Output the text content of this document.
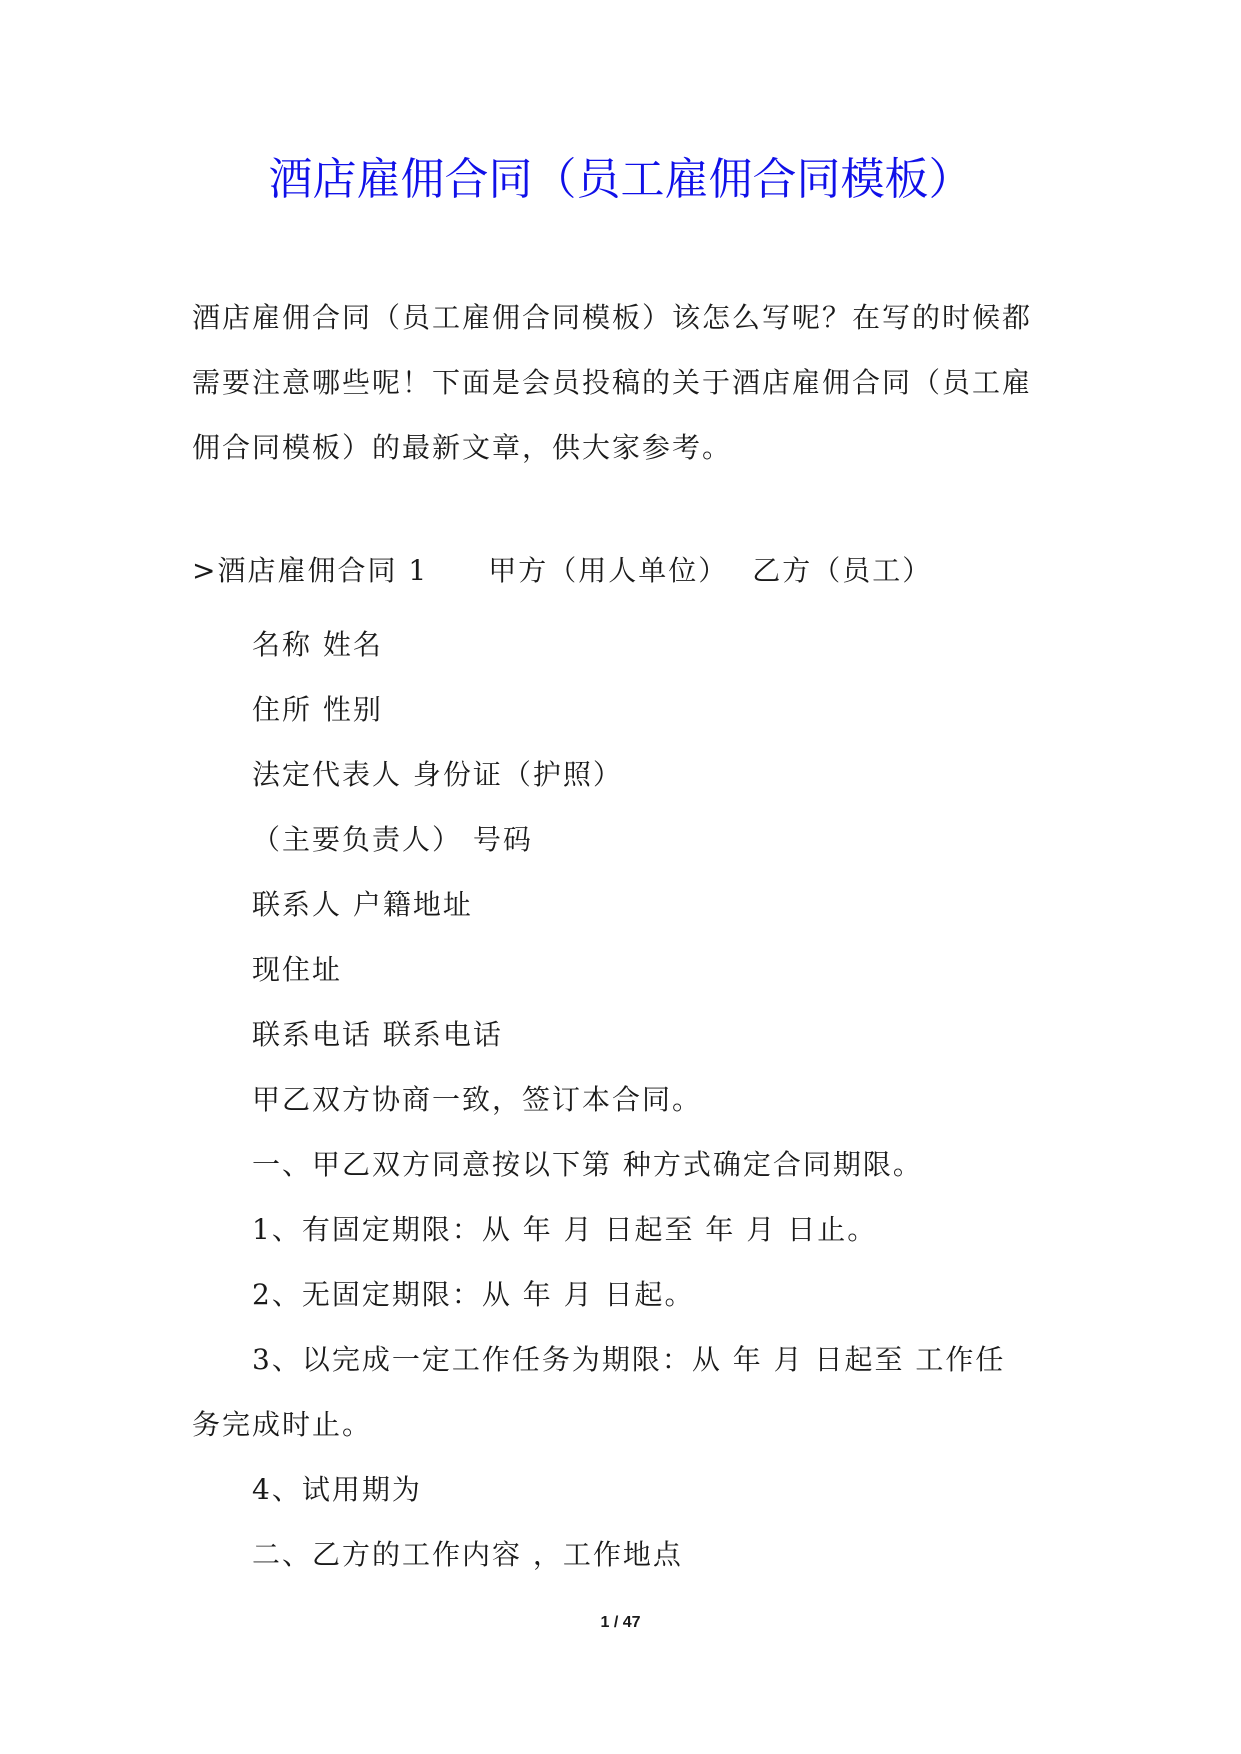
酒店雇佣合同（员工雇佣合同模板）
酒店雇佣合同（员工雇佣合同模板）该怎么写呢？在写的时候都
需要注意哪些呢！下面是会员投稿的关于酒店雇佣合同（员工雇
佣合同模板）的最新文章，供大家参考。
>酒店雇佣合同 1 甲方（用人单位） 乙方（员工）
名称 姓名
住所 性别
法定代表人 身份证（护照）
（主要负责人） 号码
联系人 户籍地址
现住址
联系电话 联系电话
甲乙双方协商一致，签订本合同。
一、甲乙双方同意按以下第 种方式确定合同期限。
1、有固定期限：从 年 月 日起至 年 月 日止。
2、无固定期限：从 年 月 日起。
3、以完成一定工作任务为期限：从 年 月 日起至 工作任
务完成时止。
4、试用期为
二、乙方的工作内容 ，工作地点
1 / 47
